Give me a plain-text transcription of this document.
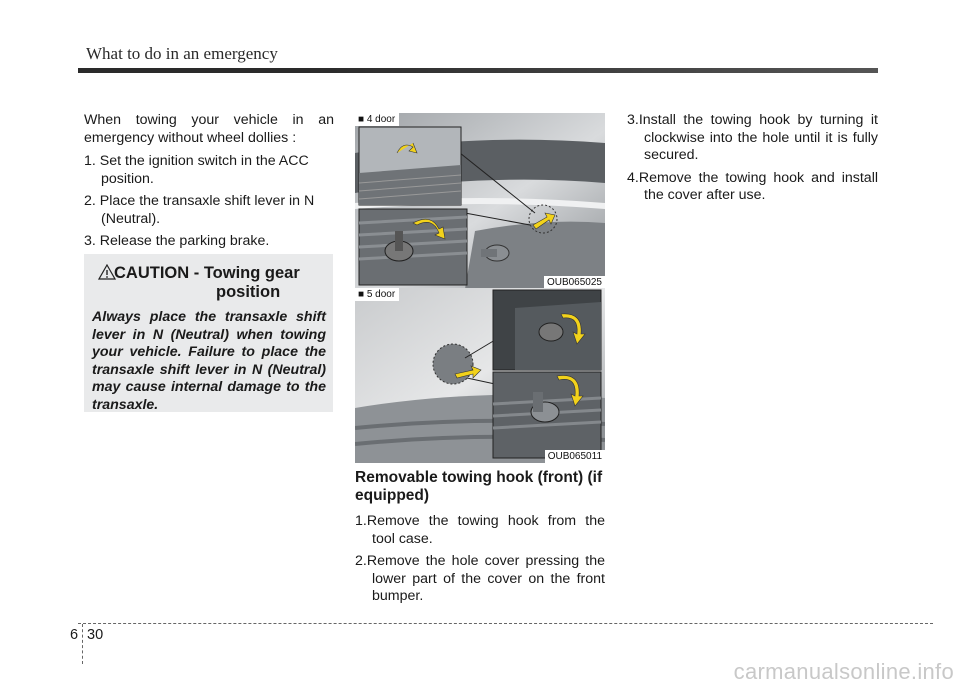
What to do in an emergency

When towing your vehicle in an emergency without wheel dollies :

1. Set the ignition switch in the ACC position.

2. Place the transaxle shift lever in N (Neutral).

3. Release the parking brake.

CAUTION - Towing gear
position

Always place the transaxle shift lever in N (Neutral) when towing your vehicle. Failure to place the transaxle shift lever in N (Neutral) may cause internal damage to the transaxle.

■ 4 door
OUB065025
■ 5 door
OUB065011
Removable towing hook (front) (if equipped)

1.Remove the towing hook from the tool case.

2.Remove the hole cover pressing the lower part of the cover on the front bumper.

3.Install the towing hook by turning it clockwise into the hole until it is fully secured.

4.Remove the towing hook and install the cover after use.

6 30
carmanualsonline.info
